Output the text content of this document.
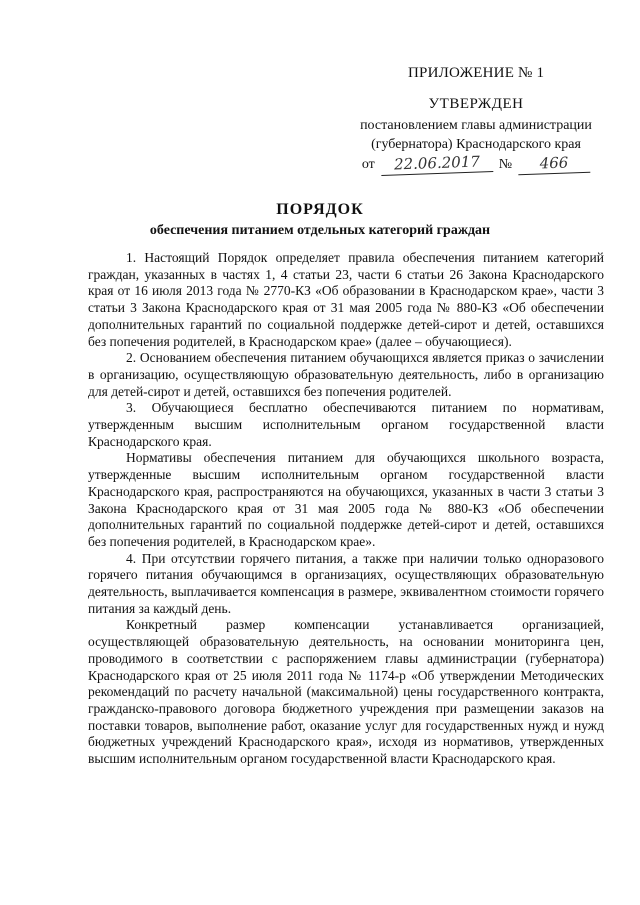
ПРИЛОЖЕНИЕ № 1
УТВЕРЖДЕН
постановлением главы администрации
(губернатора) Краснодарского края
от	22.06.2017	№	466
ПОРЯДОК
обеспечения питанием отдельных категорий граждан

1. Настоящий Порядок определяет правила обеспечения питанием категорий граждан, указанных в частях 1, 4 статьи 23, части 6 статьи 26 Закона Краснодарского края от 16 июля 2013 года № 2770-КЗ «Об образовании в Краснодарском крае», части 3 статьи 3 Закона Краснодарского края от 31 мая 2005 года № 880-КЗ «Об обеспечении дополнительных гарантий по социальной поддержке детей-сирот и детей, оставшихся без попечения родителей, в Краснодарском крае» (далее – обучающиеся).

2. Основанием обеспечения питанием обучающихся является приказ о зачислении в организацию, осуществляющую образовательную деятельность, либо в организацию для детей-сирот и детей, оставшихся без попечения родителей.

3. Обучающиеся бесплатно обеспечиваются питанием по нормативам, утвержденным высшим исполнительным органом государственной власти Краснодарского края.

Нормативы обеспечения питанием для обучающихся школьного возраста, утвержденные высшим исполнительным органом государственной власти Краснодарского края, распространяются на обучающихся, указанных в части 3 статьи 3 Закона Краснодарского края от 31 мая 2005 года № 880-КЗ «Об обеспечении дополнительных гарантий по социальной поддержке детей-сирот и детей, оставшихся без попечения родителей, в Краснодарском крае».

4. При отсутствии горячего питания, а также при наличии только одноразового горячего питания обучающимся в организациях, осуществляющих образовательную деятельность, выплачивается компенсация в размере, эквивалентном стоимости горячего питания за каждый день.

Конкретный размер компенсации устанавливается организацией, осуществляющей образовательную деятельность, на основании мониторинга цен, проводимого в соответствии с распоряжением главы администрации (губернатора) Краснодарского края от 25 июля 2011 года № 1174-р «Об утверждении Методических рекомендаций по расчету начальной (максимальной) цены государственного контракта, гражданско-правового договора бюджетного учреждения при размещении заказов на поставки товаров, выполнение работ, оказание услуг для государственных нужд и нужд бюджетных учреждений Краснодарского края», исходя из нормативов, утвержденных высшим исполнительным органом государственной власти Краснодарского края.
